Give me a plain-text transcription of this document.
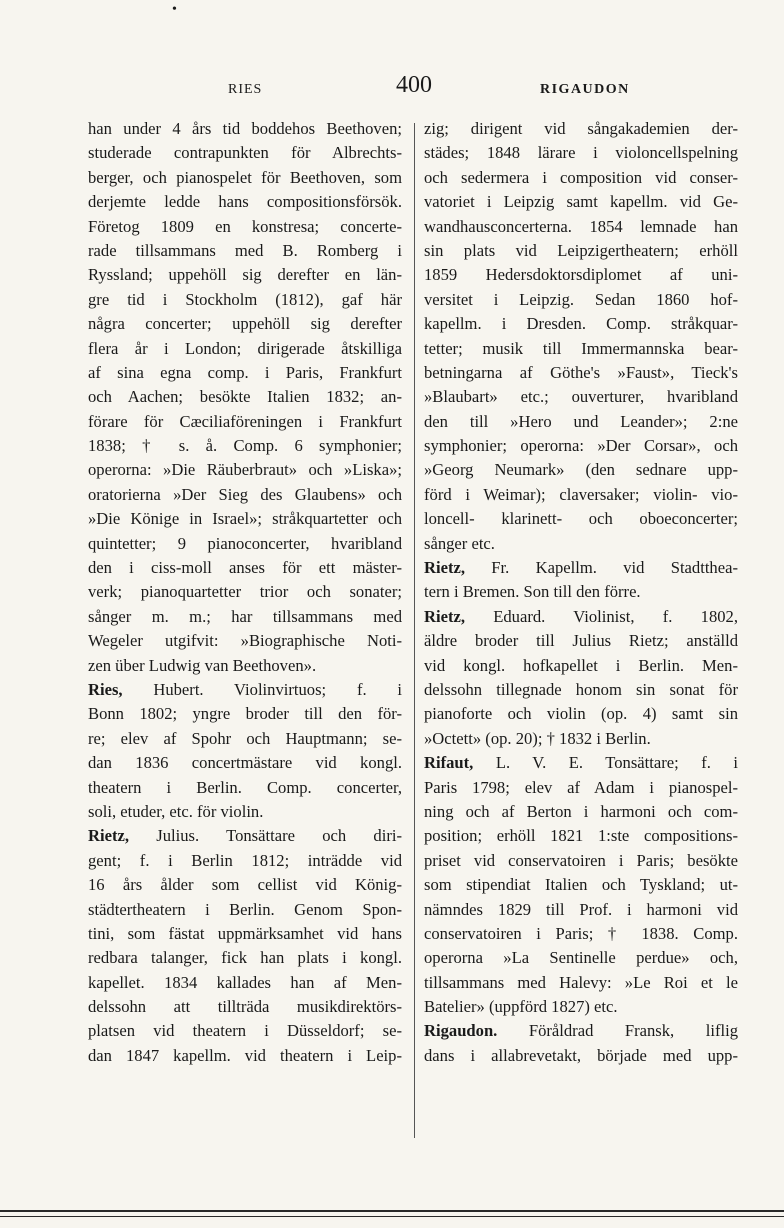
•
RIES	400	RIGAUDON
han under 4 års tid boddehos Beethoven;
studerade contrapunkten för Albrechts-
berger, och pianospelet för Beethoven, som
derjemte ledde hans compositionsförsök.
Företog 1809 en konstresa; concerte-
rade tillsammans med B. Romberg i
Ryssland; uppehöll sig derefter en län-
gre tid i Stockholm (1812), gaf här
några concerter; uppehöll sig derefter
flera år i London; dirigerade åtskilliga
af sina egna comp. i Paris, Frankfurt
och Aachen; besökte Italien 1832; an-
förare för Cæciliaföreningen i Frankfurt
1838; † s. å. Comp. 6 symphonier;
operorna: »Die Räuberbraut» och »Liska»;
oratorierna »Der Sieg des Glaubens» och
»Die Könige in Israel»; stråkquartetter och
quintetter; 9 pianoconcerter, hvaribland
den i ciss-moll anses för ett mäster-
verk; pianoquartetter trior och sonater;
sånger m. m.; har tillsammans med
Wegeler utgifvit: »Biographische Noti-
zen über Ludwig van Beethoven».
Ries, Hubert. Violinvirtuos; f. i
Bonn 1802; yngre broder till den för-
re; elev af Spohr och Hauptmann; se-
dan 1836 concertmästare vid kongl.
theatern i Berlin. Comp. concerter,
soli, etuder, etc. för violin.
Rietz, Julius. Tonsättare och diri-
gent; f. i Berlin 1812; inträdde vid
16 års ålder som cellist vid König-
städtertheatern i Berlin. Genom Spon-
tini, som fästat uppmärksamhet vid hans
redbara talanger, fick han plats i kongl.
kapellet. 1834 kallades han af Men-
delssohn att tillträda musikdirektörs-
platsen vid theatern i Düsseldorf; se-
dan 1847 kapellm. vid theatern i Leip-
zig; dirigent vid sångakademien der-
städes; 1848 lärare i violoncellspelning
och sedermera i composition vid conser-
vatoriet i Leipzig samt kapellm. vid Ge-
wandhausconcerterna. 1854 lemnade han
sin plats vid Leipzigertheatern; erhöll
1859 Hedersdoktorsdiplomet af uni-
versitet i Leipzig. Sedan 1860 hof-
kapellm. i Dresden. Comp. stråkquar-
tetter; musik till Immermannska bear-
betningarna af Göthe's »Faust», Tieck's
»Blaubart» etc.; ouverturer, hvaribland
den till »Hero und Leander»; 2:ne
symphonier; operorna: »Der Corsar», och
»Georg Neumark» (den sednare upp-
förd i Weimar); claversaker; violin- vio-
loncell- klarinett- och oboeconcerter;
sånger etc.
Rietz, Fr. Kapellm. vid Stadtthea-
tern i Bremen. Son till den förre.
Rietz, Eduard. Violinist, f. 1802,
äldre broder till Julius Rietz; anställd
vid kongl. hofkapellet i Berlin. Men-
delssohn tillegnade honom sin sonat för
pianoforte och violin (op. 4) samt sin
»Octett» (op. 20); † 1832 i Berlin.
Rifaut, L. V. E. Tonsättare; f. i
Paris 1798; elev af Adam i pianospel-
ning och af Berton i harmoni och com-
position; erhöll 1821 1:ste compositions-
priset vid conservatoiren i Paris; besökte
som stipendiat Italien och Tyskland; ut-
nämndes 1829 till Prof. i harmoni vid
conservatoiren i Paris; † 1838. Comp.
operorna »La Sentinelle perdue» och,
tillsammans med Halevy: »Le Roi et le
Batelier» (uppförd 1827) etc.
Rigaudon. Föråldrad Fransk, liflig
dans i allabrevetakt, började med upp-
